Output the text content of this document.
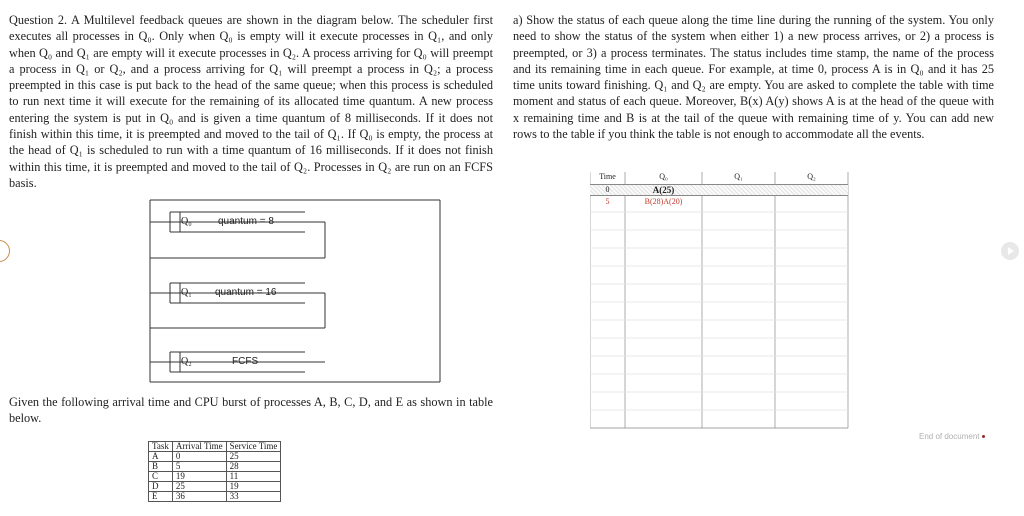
Question 2. A Multilevel feedback queues are shown in the diagram below. The scheduler first executes all processes in Q₀. Only when Q₀ is empty will it execute processes in Q₁, and only when Q₀ and Q₁ are empty will it execute processes in Q₂. A process arriving for Q₀ will preempt a process in Q₁ or Q₂, and a process arriving for Q₁ will preempt a process in Q₂; a process preempted in this case is put back to the head of the same queue; when this process is scheduled to run next time it will execute for the remaining of its allocated time quantum. A new process entering the system is put in Q₀ and is given a time quantum of 8 milliseconds. If it does not finish within this time, it is preempted and moved to the tail of Q₁. If Q₀ is empty, the process at the head of Q₁ is scheduled to run with a time quantum of 16 milliseconds. If it does not finish within this time, it is preempted and moved to the tail of Q₂. Processes in Q₂ are run on an FCFS basis.

a) Show the status of each queue along the time line during the running of the system. You only need to show the status of the system when either 1) a new process arrives, or 2) a process is preempted, or 3) a process terminates. The status includes time stamp, the name of the process and its remaining time in each queue. For example, at time 0, process A is in Q₀ and it has 25 time units toward finishing. Q₁ and Q₂ are empty. You are asked to complete the table with time moment and status of each queue. Moreover, B(x) A(y) shows A is at the head of the queue with x remaining time and B is at the tail of the queue with remaining time of y. You can add new rows to the table if you think the table is not enough to accommodate all the events.

Q₀	quantum = 8
Q₁ quantum = 16
Q₂	FCFS

Given the following arrival time and CPU burst of processes A, B, C, D, and E as shown in table below.

Task	Arrival Time	Service Time
A	0	25
B	5	28
C	19	11
D	25	19
E	36	33
Time	Q₀	Q₁	Q₂
0	A(25)
5	B(28)A(20)
End of document
